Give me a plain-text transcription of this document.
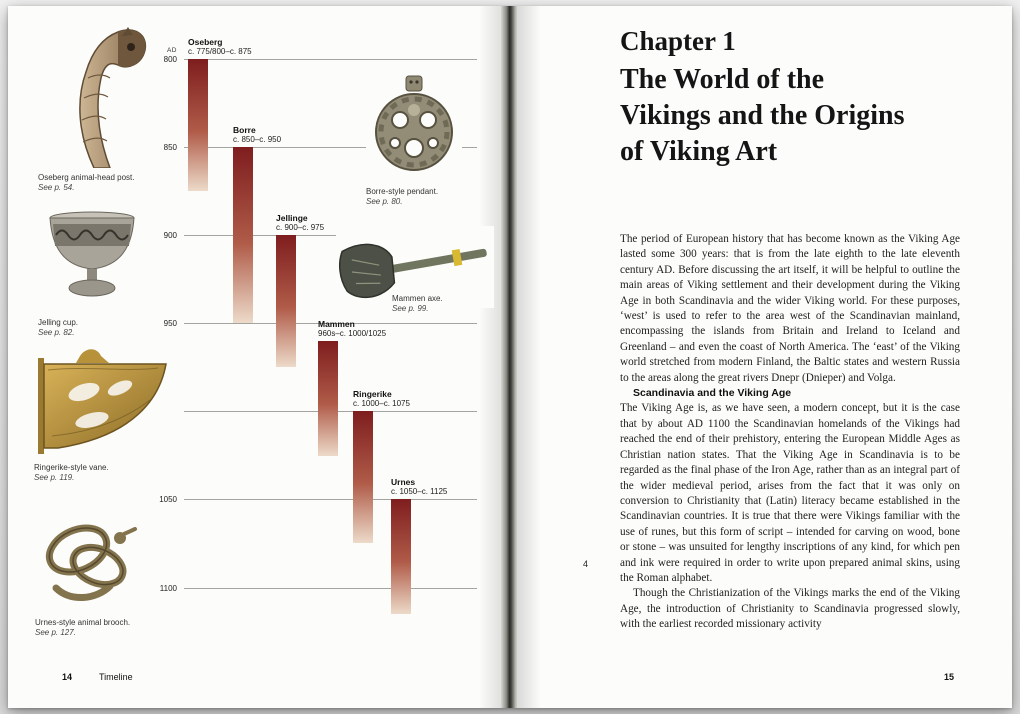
AD
800
850
900
950
1050
1100
Oseberg
c. 775/800–c. 875
Borre
c. 850–c. 950
Jellinge
c. 900–c. 975
Mammen
960s–c. 1000/1025
Ringerike
c. 1000–c. 1075
Urnes
c. 1050–c. 1125
Oseberg animal-head post.
See p. 54.	Borre-style pendant.
See p. 80.
Jelling cup.
See p. 82.
Mammen axe.
See p. 99.
Ringerike-style vane.
See p. 119.
Urnes-style animal brooch.
See p. 127.
14	Timeline
Chapter 1
The World of the
Vikings and the Origins
of Viking Art

The period of European history that has become known as the Viking Age lasted some 300 years: that is from the late eighth to the late eleventh century AD. Before discussing the art itself, it will be helpful to outline the main areas of Viking settlement and their development during the Viking Age in both Scandinavia and the wider Viking world. For these purposes, ‘west’ is used to refer to the area west of the Scandinavian mainland, encompassing the islands from Britain and Ireland to Iceland and Greenland – and even the coast of North America. The ‘east’ of the Viking world stretched from modern Finland, the Baltic states and western Russia to the areas along the great rivers Dnepr (Dnieper) and Volga.

Scandinavia and the Viking Age

The Viking Age is, as we have seen, a modern concept, but it is the case that by about AD 1100 the Scandinavian homelands of the Vikings had reached the end of their prehistory, entering the European Middle Ages as Christian nation states. That the Viking Age in Scandinavia is to be regarded as the final phase of the Iron Age, rather than as an integral part of the wider medieval period, arises from the fact that it was only on conversion to Christianity that (Latin) literacy became established in the Scandinavian countries. It is true that there were Vikings familiar with the use of runes, but this form of script – intended for carving on wood, bone or stone – was unsuited for lengthy inscriptions of any kind, for which pen and ink were required in order to write upon prepared animal skins, using the Roman alphabet.

Though the Christianization of the Vikings marks the end of the Viking Age, the introduction of Christianity to Scandinavia progressed slowly, with the earliest recorded missionary activity

4
15
